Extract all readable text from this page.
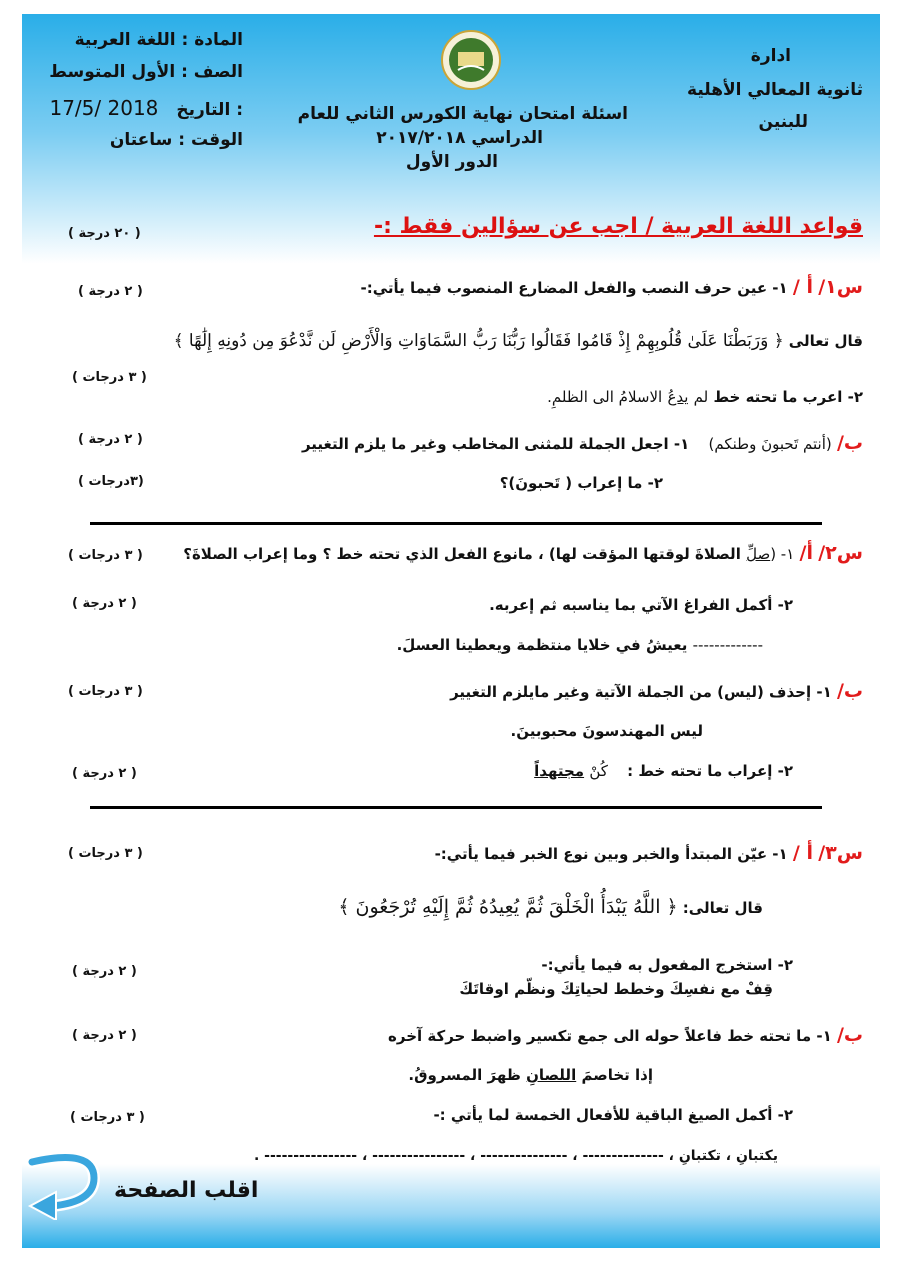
المادة : اللغة العربية
الصف : الأول المتوسط
17/5/ 2018 التاريخ :
الوقت : ساعتان
اسئلة امتحان نهاية الكورس الثاني للعام
الدراسي ٢٠١٧/٢٠١٨
الدور الأول
ادارة
ثانوية المعالي الأهلية
للبنين
قواعد اللغة العربية / اجب عن سؤالين فقط :-
( ٢٠ درجة )
س١/ أ / ١- عين حرف النصب والفعل المضارع المنصوب فيما يأتي:-
( ٢ درجة )
قال تعالى ﴿ وَرَبَطْنَا عَلَىٰ قُلُوبِهِمْ إِذْ قَامُوا فَقَالُوا رَبُّنَا رَبُّ السَّمَاوَاتِ وَالْأَرْضِ لَن نَّدْعُوَ مِن دُونِهِ إِلَٰهًا ﴾
( ٣ درجات )
٢- اعرب ما تحته خط لم يدعُ الاسلامُ الى الظلمِ.
ب/ (أنتم تَحبونَ وطنكم) ١- اجعل الجملة للمثنى المخاطب وغير ما يلزم التغيير
( ٢ درجة )
٢- ما إعراب ( تَحبونَ)؟
(٣درجات )
س٢/ أ/ ١- (صلِّ الصلاةَ لوقتها المؤقت لها) ، مانوع الفعل الذي تحته خط ؟ وما إعراب الصلاةَ؟
( ٣ درجات )
٢- أكمل الفراغ الآتي بما يناسبه ثم إعربه.
( ٢ درجة )
------------- يعيشُ في خلايا منتظمة ويعطينا العسلَ.
ب/ ١- إحذف (ليس) من الجملة الآتية وغير مايلزم التغيير
( ٣ درجات )
ليس المهندسونَ محبوبينَ.
٢- إعراب ما تحته خط : كُنْ مجتهداً
( ٢ درجة )
س٣/ أ / ١- عيّن المبتدأ والخبر وبين نوع الخبر فيما يأتي:-
( ٣ درجات )
قال تعالى: ﴿ اللَّهُ يَبْدَأُ الْخَلْقَ ثُمَّ يُعِيدُهُ ثُمَّ إِلَيْهِ تُرْجَعُونَ ﴾
٢- استخرج المفعول به فيما يأتي:-
قِفْ مع نفسِكَ وخطط لحياتِكَ ونظّم اوقاتَكَ
( ٢ درجة )
ب/ ١- ما تحته خط فاعلاً حوله الى جمع تكسير واضبط حركة آخره
( ٢ درجة )
إذا تخاصمَ اللصانِ ظهرَ المسروقُ.
٢- أكمل الصيغ الباقية للأفعال الخمسة لما يأتي :-
( ٣ درجات )
يكتبانِ ، تكتبانِ ، -------------- ، --------------- ، ---------------- ، ---------------- .
اقلب الصفحة
